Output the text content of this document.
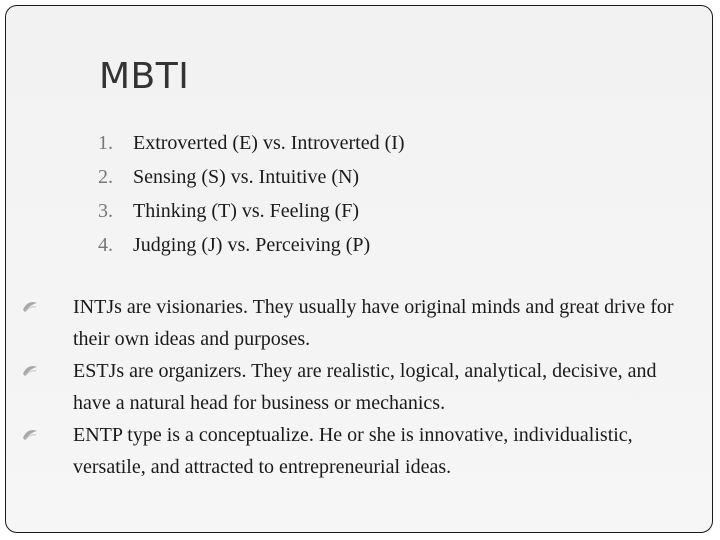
MBTI
1.	Extroverted (E) vs. Introverted (I)
2.	Sensing (S) vs. Intuitive (N)
3.	Thinking (T) vs. Feeling (F)
4.	Judging (J) vs. Perceiving (P)
INTJs are visionaries. They usually have original minds and great drive for their own ideas and purposes.
ESTJs are organizers. They are realistic, logical, analytical, decisive, and have a natural head for business or mechanics.
ENTP type is a conceptualize. He or she is innovative, individualistic, versatile, and attracted to entrepreneurial ideas.
